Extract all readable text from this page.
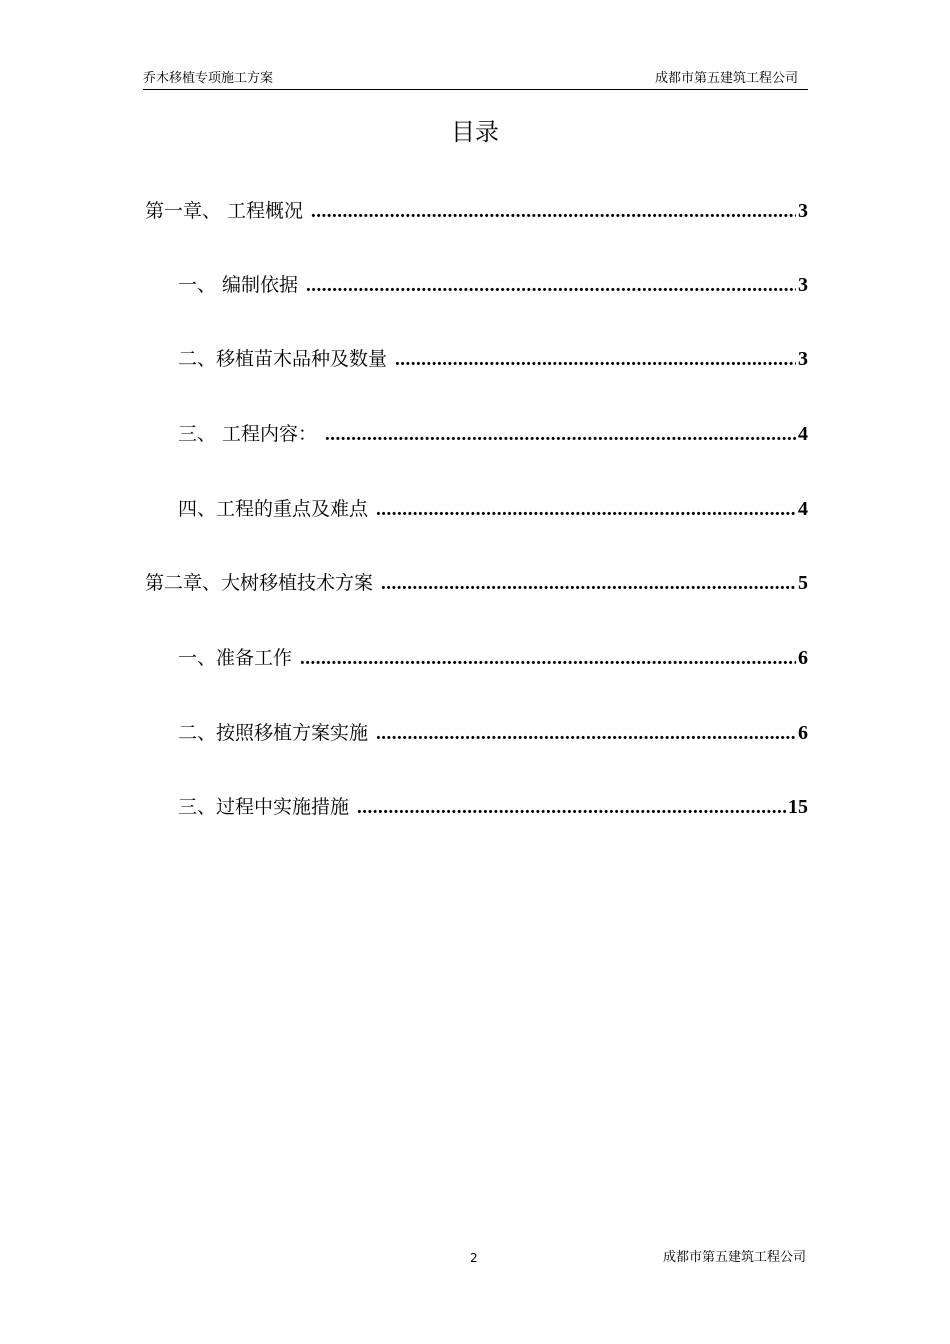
乔木移植专项施工方案	成都市第五建筑工程公司
目录
第一章、 工程概况 .....	3
一、 编制依据 .....	3
二、移植苗木品种及数量 .....	3
三、 工程内容： .....	4
四、工程的重点及难点 .....	4
第二章、大树移植技术方案 .....	5
一、准备工作 .....	6
二、按照移植方案实施 .....	6
三、过程中实施措施 .....	15
2	成都市第五建筑工程公司
